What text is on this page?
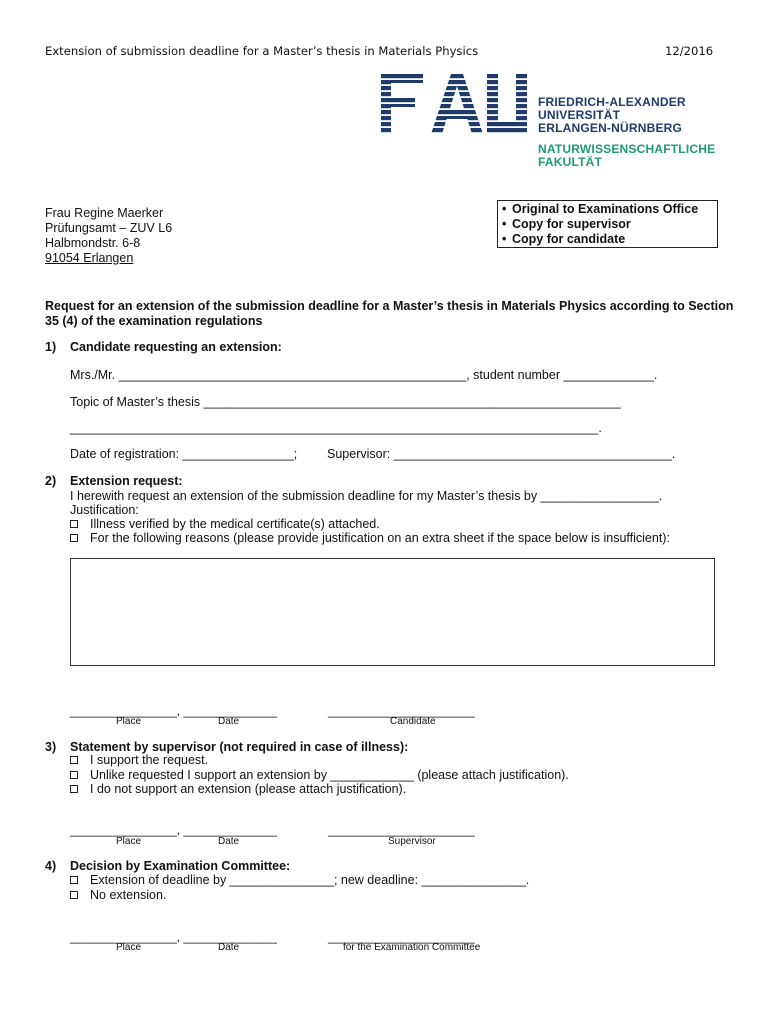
Extension of submission deadline for a Master’s thesis in Materials Physics	12/2016
FRIEDRICH-ALEXANDER
UNIVERSITÄT
ERLANGEN-NÜRNBERG
NATURWISSENSCHAFTLICHE
FAKULTÄT
Frau Regine Maerker
Prüfungsamt – ZUV L6
Halbmondstr. 6-8
91054 Erlangen
• Original to Examinations Office
• Copy for supervisor
• Copy for candidate
Request for an extension of the submission deadline for a Master’s thesis in Materials Physics according to Section 35 (4) of the examination regulations
1) Candidate requesting an extension:
Mrs./Mr. __________________________________________________, student number _____________.
Topic of Master’s thesis ____________________________________________________________
____________________________________________________________________________.
Date of registration: ________________; Supervisor: ________________________________________.
2) Extension request:
I herewith request an extension of the submission deadline for my Master’s thesis by _________________.
Justification:
Illness verified by the medical certificate(s) attached.
For the following reasons (please provide justification on an extra sheet if the space below is insufficient):
________________, ______________	______________________
Place	Date	Candidate
3) Statement by supervisor (not required in case of illness):
I support the request.
Unlike requested I support an extension by ____________ (please attach justification).
I do not support an extension (please attach justification).
________________, ______________	______________________
Place	Date	Supervisor
4) Decision by Examination Committee:
Extension of deadline by _______________; new deadline: _______________.
No extension.
________________, ______________	______________________
Place	Date	for the Examination Committee
